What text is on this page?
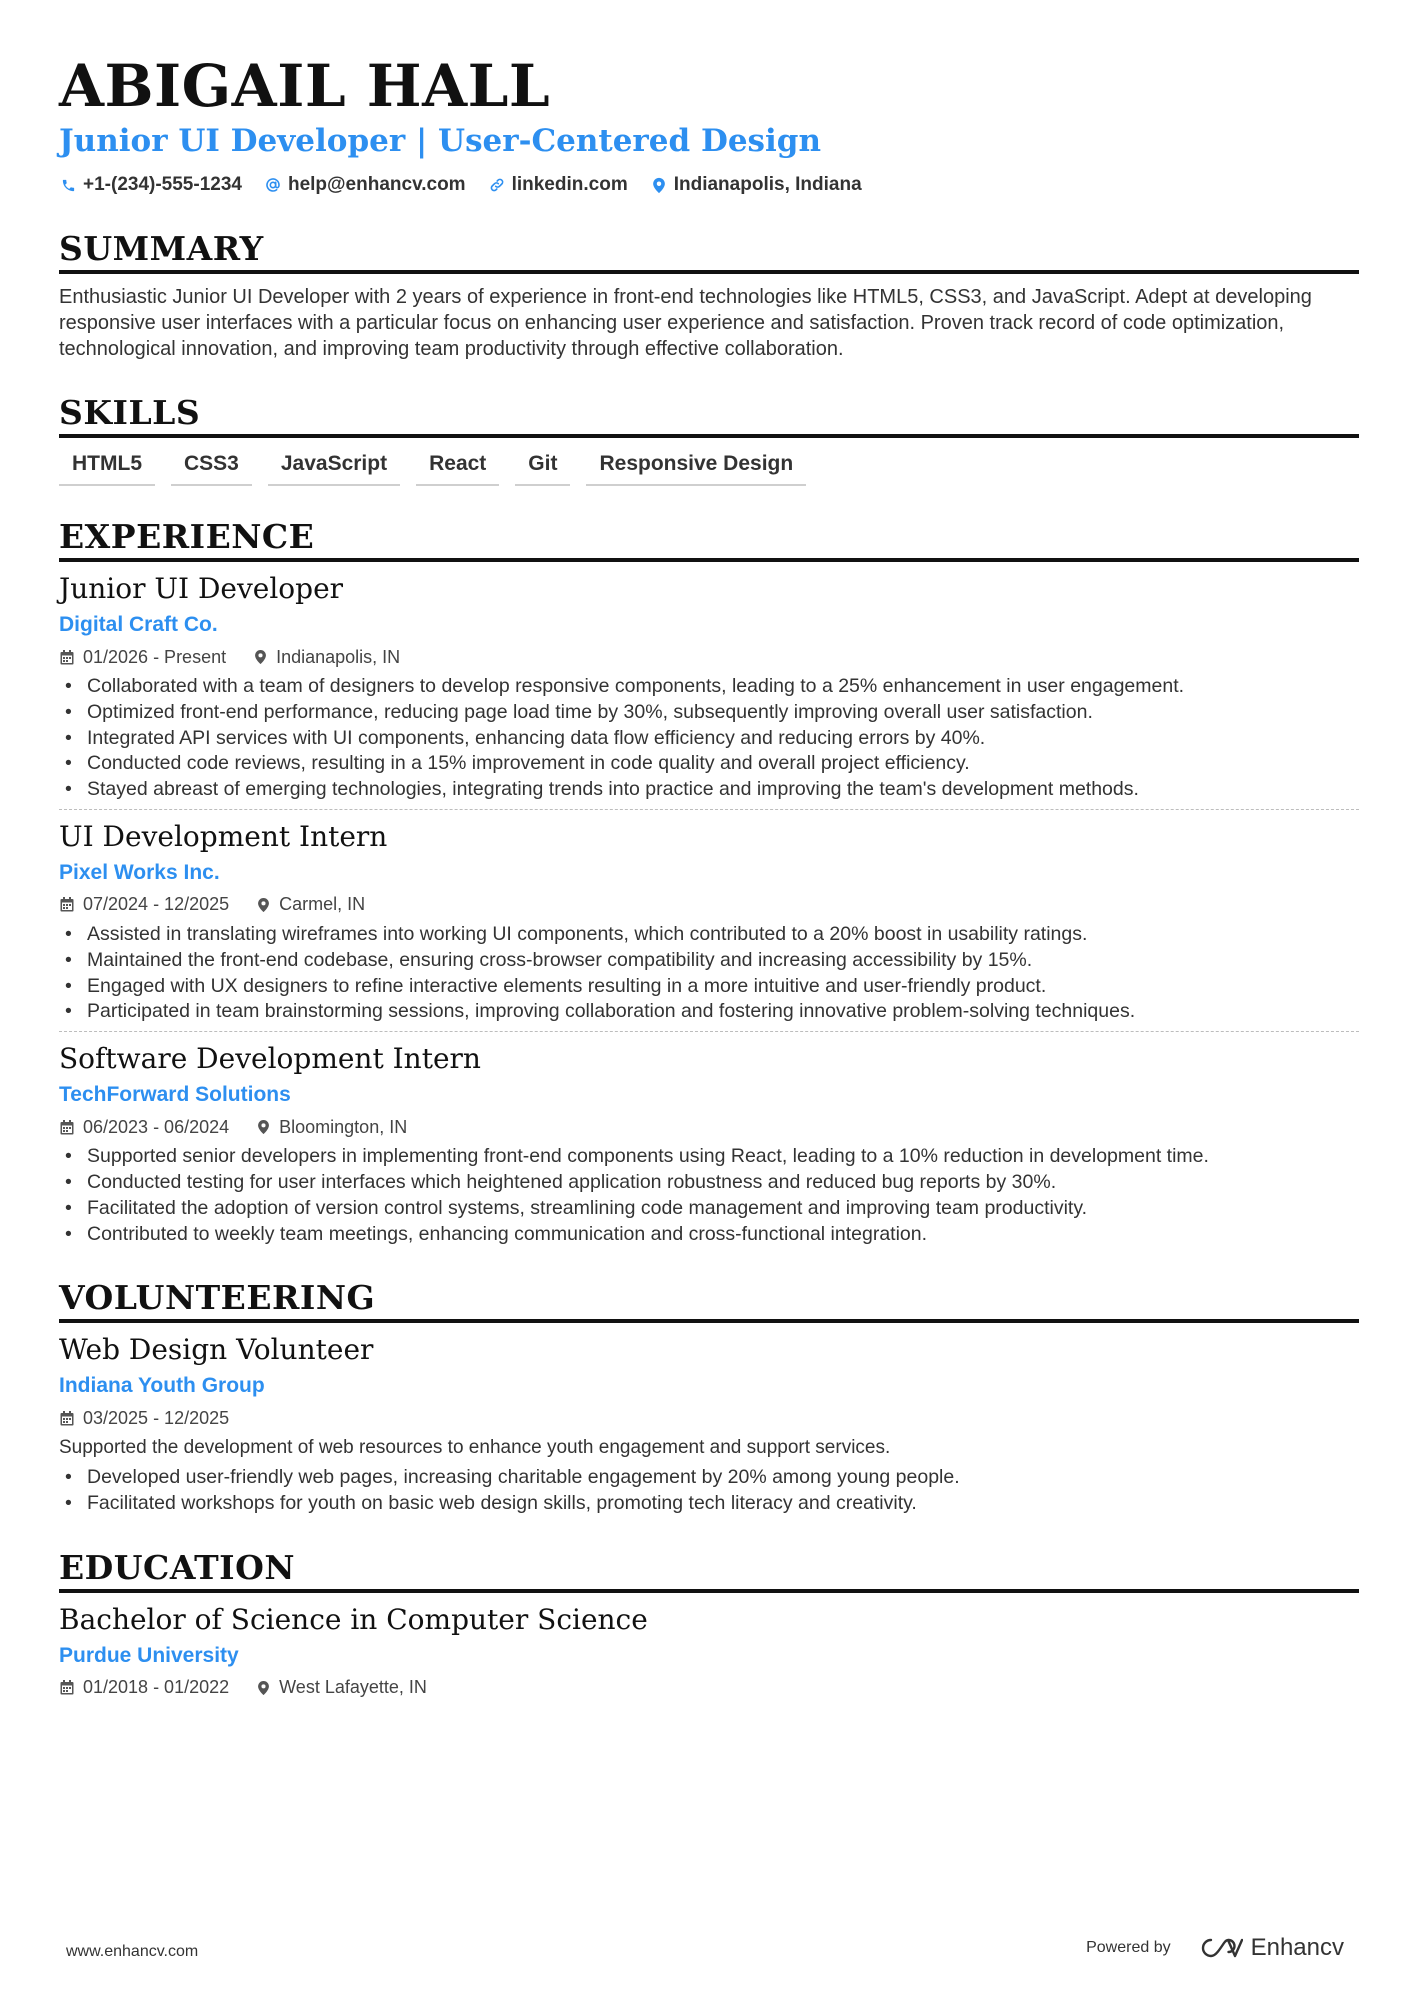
ABIGAIL HALL
Junior UI Developer | User-Centered Design
+1-(234)-555-1234 help@enhancv.com linkedin.com Indianapolis, Indiana
SUMMARY
Enthusiastic Junior UI Developer with 2 years of experience in front-end technologies like HTML5, CSS3, and JavaScript. Adept at developing responsive user interfaces with a particular focus on enhancing user experience and satisfaction. Proven track record of code optimization, technological innovation, and improving team productivity through effective collaboration.
SKILLS
HTML5	CSS3	JavaScript	React	Git	Responsive Design
EXPERIENCE
Junior UI Developer
Digital Craft Co.
01/2026 - Present	Indianapolis, IN
• Collaborated with a team of designers to develop responsive components, leading to a 25% enhancement in user engagement.
• Optimized front-end performance, reducing page load time by 30%, subsequently improving overall user satisfaction.
• Integrated API services with UI components, enhancing data flow efficiency and reducing errors by 40%.
• Conducted code reviews, resulting in a 15% improvement in code quality and overall project efficiency.
• Stayed abreast of emerging technologies, integrating trends into practice and improving the team's development methods.
UI Development Intern
Pixel Works Inc.
07/2024 - 12/2025	Carmel, IN
• Assisted in translating wireframes into working UI components, which contributed to a 20% boost in usability ratings.
• Maintained the front-end codebase, ensuring cross-browser compatibility and increasing accessibility by 15%.
• Engaged with UX designers to refine interactive elements resulting in a more intuitive and user-friendly product.
• Participated in team brainstorming sessions, improving collaboration and fostering innovative problem-solving techniques.
Software Development Intern
TechForward Solutions
06/2023 - 06/2024	Bloomington, IN
• Supported senior developers in implementing front-end components using React, leading to a 10% reduction in development time.
• Conducted testing for user interfaces which heightened application robustness and reduced bug reports by 30%.
• Facilitated the adoption of version control systems, streamlining code management and improving team productivity.
• Contributed to weekly team meetings, enhancing communication and cross-functional integration.
VOLUNTEERING
Web Design Volunteer
Indiana Youth Group
03/2025 - 12/2025
Supported the development of web resources to enhance youth engagement and support services.
• Developed user-friendly web pages, increasing charitable engagement by 20% among young people.
• Facilitated workshops for youth on basic web design skills, promoting tech literacy and creativity.
EDUCATION
Bachelor of Science in Computer Science
Purdue University
01/2018 - 01/2022	West Lafayette, IN
www.enhancv.com	Powered by	Enhancv
